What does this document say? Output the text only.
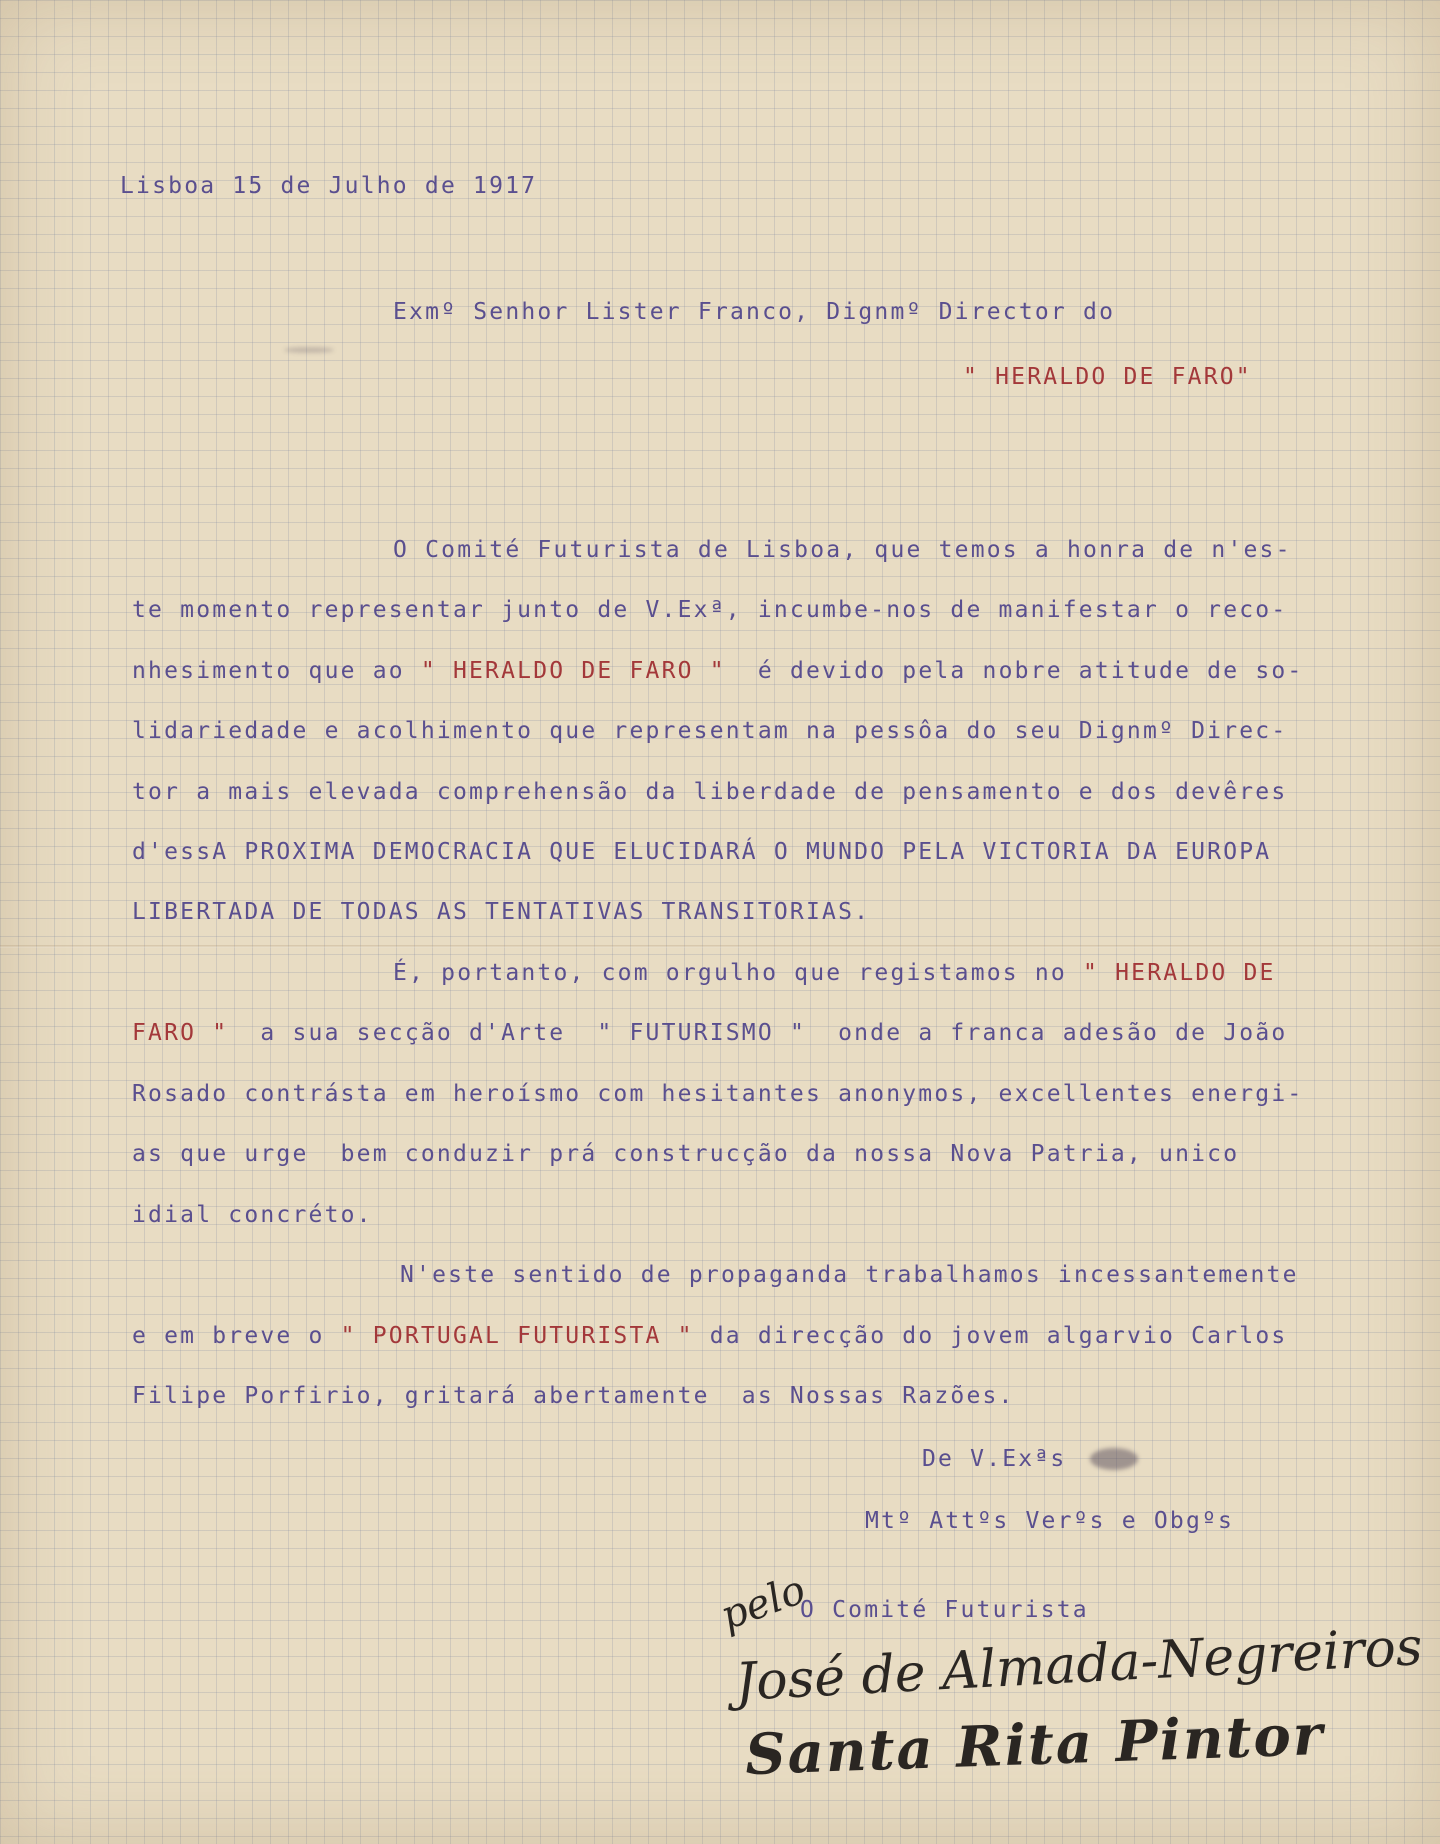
Lisboa 15 de Julho de 1917
Exmº Senhor Lister Franco, Dignmº Director do
" HERALDO DE FARO"
O Comité Futurista de Lisboa, que temos a honra de n'es-
te momento representar junto de V.Exª, incumbe-nos de manifestar o reco-
nhesimento que ao " HERALDO DE FARO "  é devido pela nobre atitude de so-
lidariedade e acolhimento que representam na pessôa do seu Dignmº Direc-
tor a mais elevada comprehensão da liberdade de pensamento e dos devêres
d'essA PROXIMA DEMOCRACIA QUE ELUCIDARÁ O MUNDO PELA VICTORIA DA EUROPA
LIBERTADA DE TODAS AS TENTATIVAS TRANSITORIAS.
É, portanto, com orgulho que registamos no " HERALDO DE
FARO "  a sua secção d'Arte  " FUTURISMO "  onde a franca adesão de João
Rosado contrásta em heroísmo com hesitantes anonymos, excellentes energi-
as que urge  bem conduzir prá construcção da nossa Nova Patria, unico
idial concréto.
N'este sentido de propaganda trabalhamos incessantemente
e em breve o " PORTUGAL FUTURISTA " da direcção do jovem algarvio Carlos
Filipe Porfirio, gritará abertamente  as Nossas Razões.
De V.Exªs
Mtº Attºs Verºs e Obgºs
O Comité Futurista
pelo
José de Almada-Negreiros
Santa Rita Pintor
